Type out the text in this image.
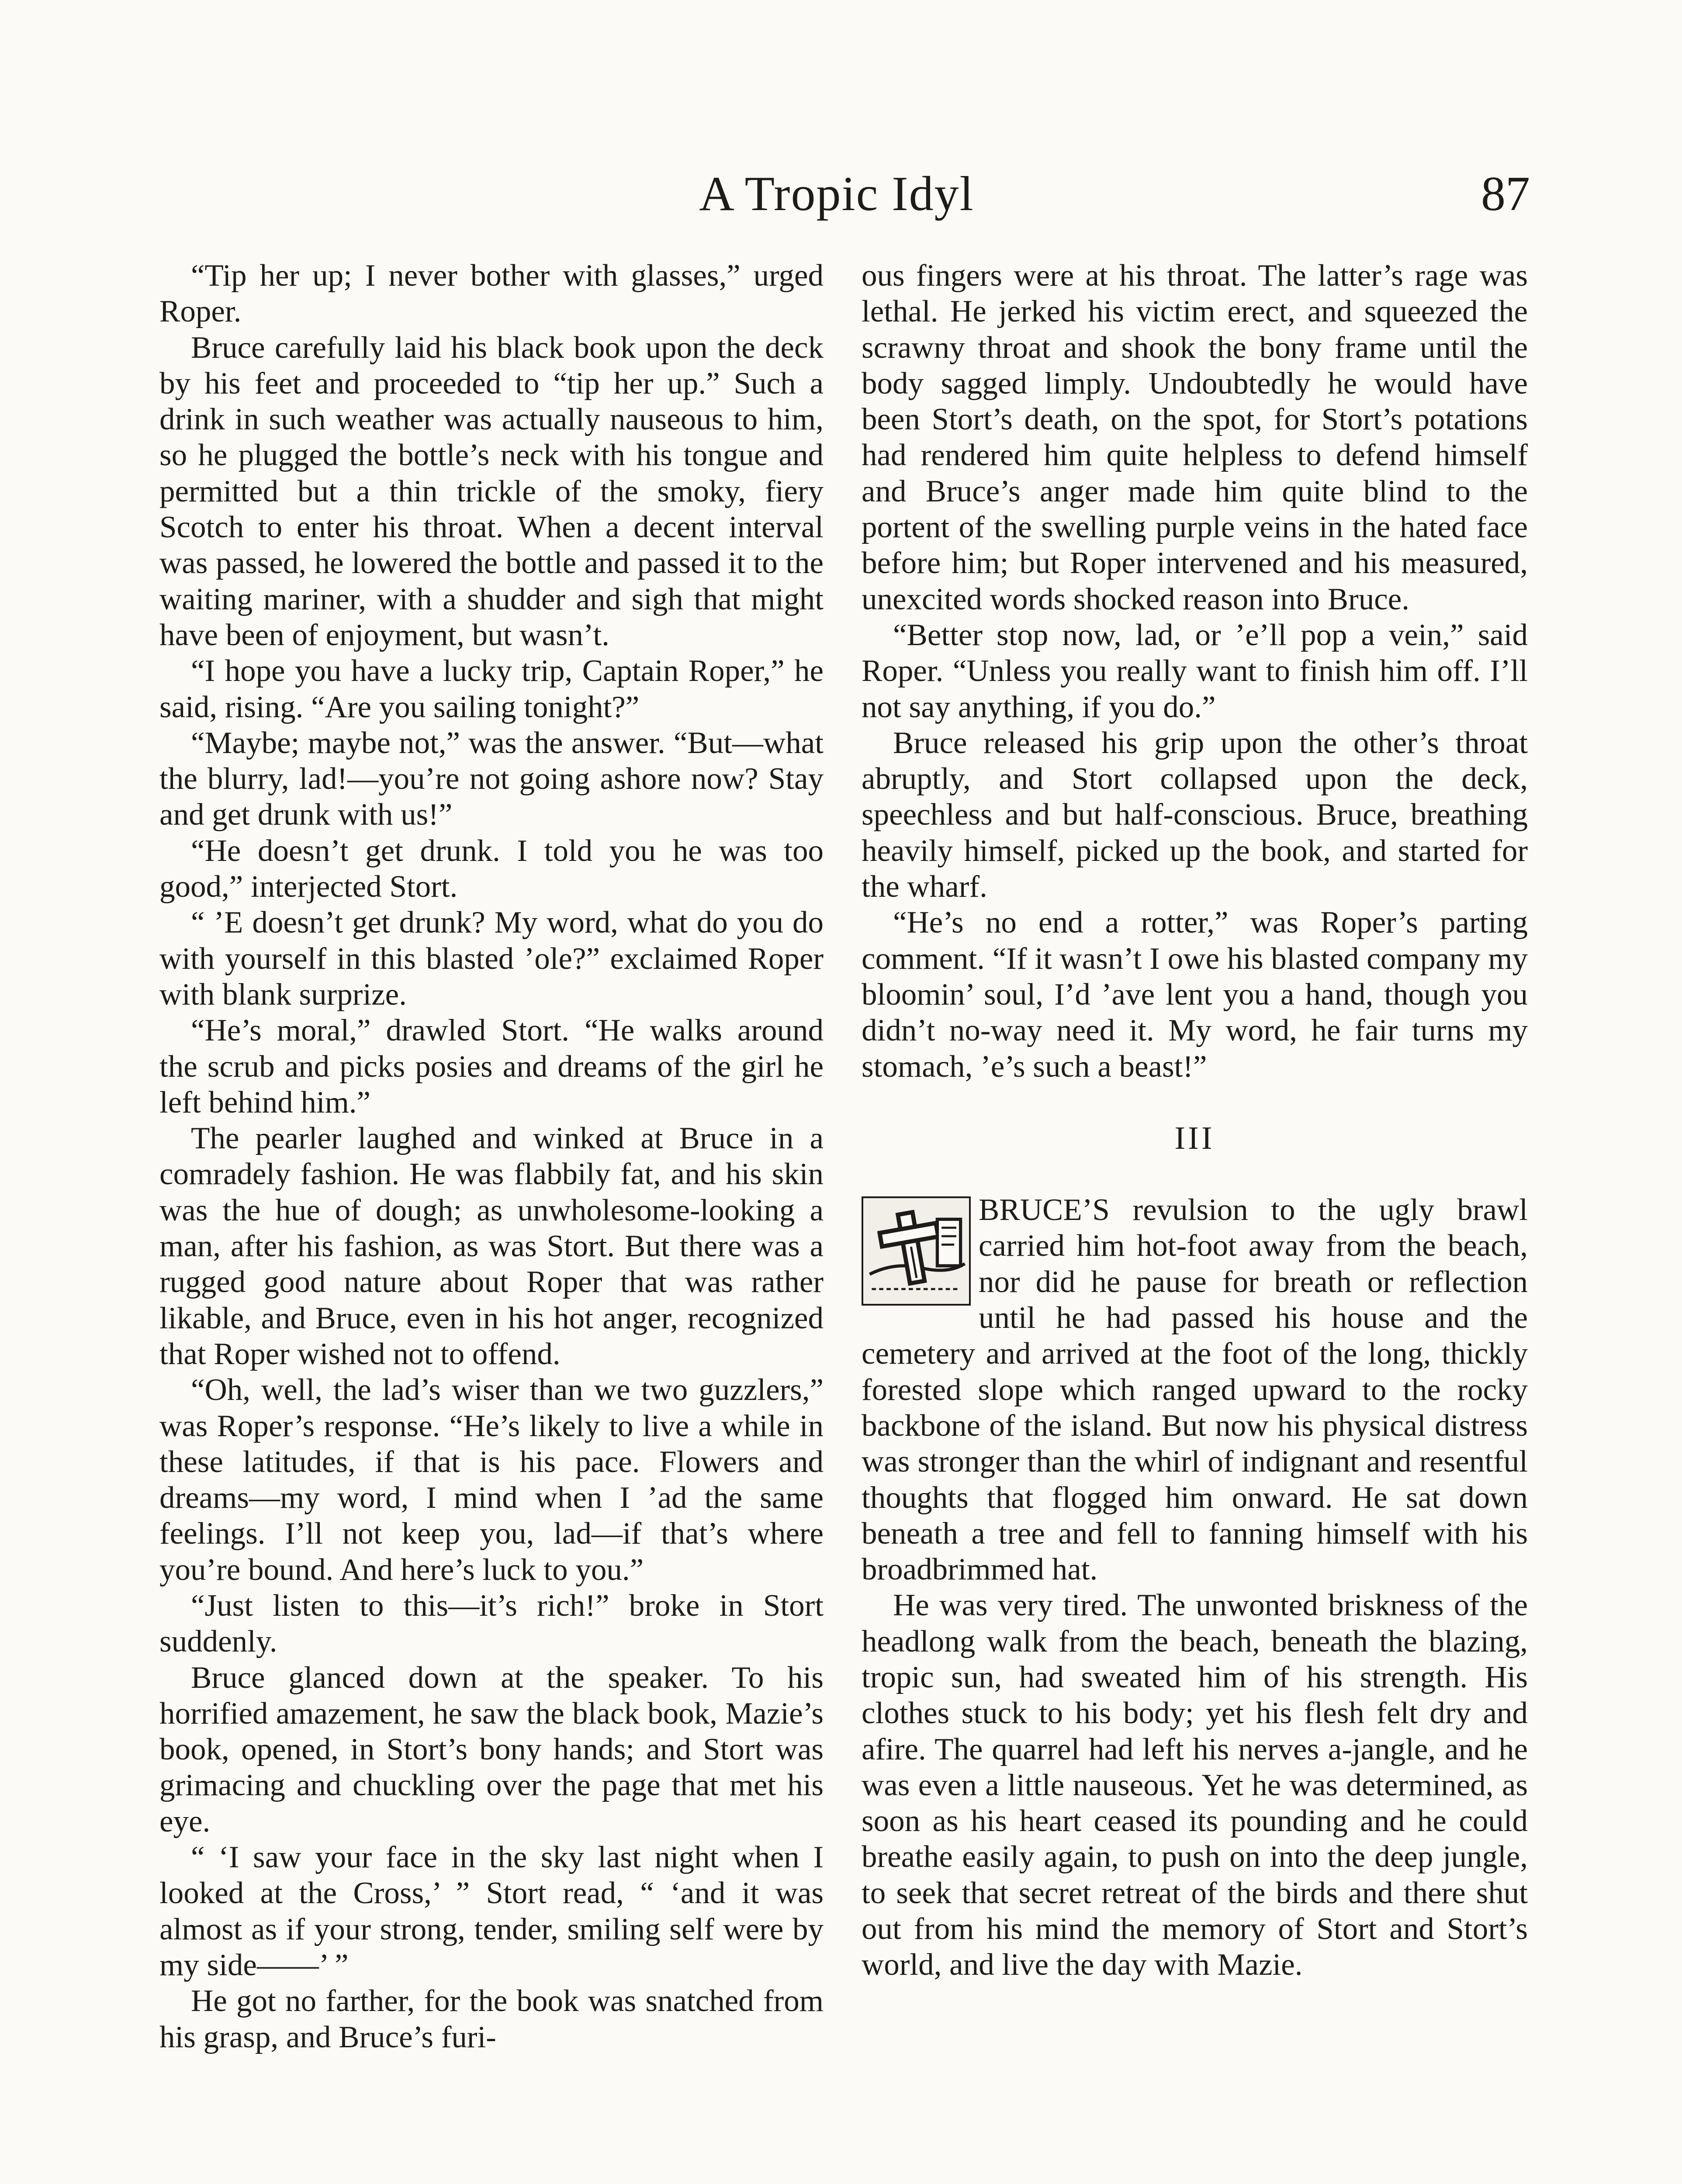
A Tropic Idyl	87

“Tip her up; I never bother with glasses,” urged Roper.

Bruce carefully laid his black book upon the deck by his feet and proceeded to “tip her up.” Such a drink in such weather was actually nauseous to him, so he plugged the bottle’s neck with his tongue and permitted but a thin trickle of the smoky, fiery Scotch to enter his throat. When a decent interval was passed, he lowered the bottle and passed it to the waiting mariner, with a shudder and sigh that might have been of enjoyment, but wasn’t.

“I hope you have a lucky trip, Captain Roper,” he said, rising. “Are you sailing tonight?”

“Maybe; maybe not,” was the answer. “But—what the blurry, lad!—you’re not going ashore now? Stay and get drunk with us!”

“He doesn’t get drunk. I told you he was too good,” interjected Stort.

“ ’E doesn’t get drunk? My word, what do you do with yourself in this blasted ’ole?” exclaimed Roper with blank surprize.

“He’s moral,” drawled Stort. “He walks around the scrub and picks posies and dreams of the girl he left behind him.”

The pearler laughed and winked at Bruce in a comradely fashion. He was flabbily fat, and his skin was the hue of dough; as unwholesome-looking a man, after his fashion, as was Stort. But there was a rugged good nature about Roper that was rather likable, and Bruce, even in his hot anger, recognized that Roper wished not to offend.

“Oh, well, the lad’s wiser than we two guzzlers,” was Roper’s response. “He’s likely to live a while in these latitudes, if that is his pace. Flowers and dreams—my word, I mind when I ’ad the same feelings. I’ll not keep you, lad—if that’s where you’re bound. And here’s luck to you.”

“Just listen to this—it’s rich!” broke in Stort suddenly.

Bruce glanced down at the speaker. To his horrified amazement, he saw the black book, Mazie’s book, opened, in Stort’s bony hands; and Stort was grimacing and chuckling over the page that met his eye.

“ ‘I saw your face in the sky last night when I looked at the Cross,’ ” Stort read, “ ‘and it was almost as if your strong, tender, smiling self were by my side——’ ”

He got no farther, for the book was snatched from his grasp, and Bruce’s furi-

ous fingers were at his throat. The latter’s rage was lethal. He jerked his victim erect, and squeezed the scrawny throat and shook the bony frame until the body sagged limply. Undoubtedly he would have been Stort’s death, on the spot, for Stort’s potations had rendered him quite helpless to defend himself and Bruce’s anger made him quite blind to the portent of the swelling purple veins in the hated face before him; but Roper intervened and his measured, unexcited words shocked reason into Bruce.

“Better stop now, lad, or ’e’ll pop a vein,” said Roper. “Unless you really want to finish him off. I’ll not say anything, if you do.”

Bruce released his grip upon the other’s throat abruptly, and Stort collapsed upon the deck, speechless and but half-conscious. Bruce, breathing heavily himself, picked up the book, and started for the wharf.

“He’s no end a rotter,” was Roper’s parting comment. “If it wasn’t I owe his blasted company my bloomin’ soul, I’d ’ave lent you a hand, though you didn’t no-way need it. My word, he fair turns my stomach, ’e’s such a beast!”

III

BRUCE’S revulsion to the ugly brawl carried him hot-foot away from the beach, nor did he pause for breath or reflection until he had passed his house and the cemetery and arrived at the foot of the long, thickly forested slope which ranged upward to the rocky backbone of the island. But now his physical distress was stronger than the whirl of indignant and resentful thoughts that flogged him onward. He sat down beneath a tree and fell to fanning himself with his broadbrimmed hat.

He was very tired. The unwonted briskness of the headlong walk from the beach, beneath the blazing, tropic sun, had sweated him of his strength. His clothes stuck to his body; yet his flesh felt dry and afire. The quarrel had left his nerves a-jangle, and he was even a little nauseous. Yet he was determined, as soon as his heart ceased its pounding and he could breathe easily again, to push on into the deep jungle, to seek that secret retreat of the birds and there shut out from his mind the memory of Stort and Stort’s world, and live the day with Mazie.
